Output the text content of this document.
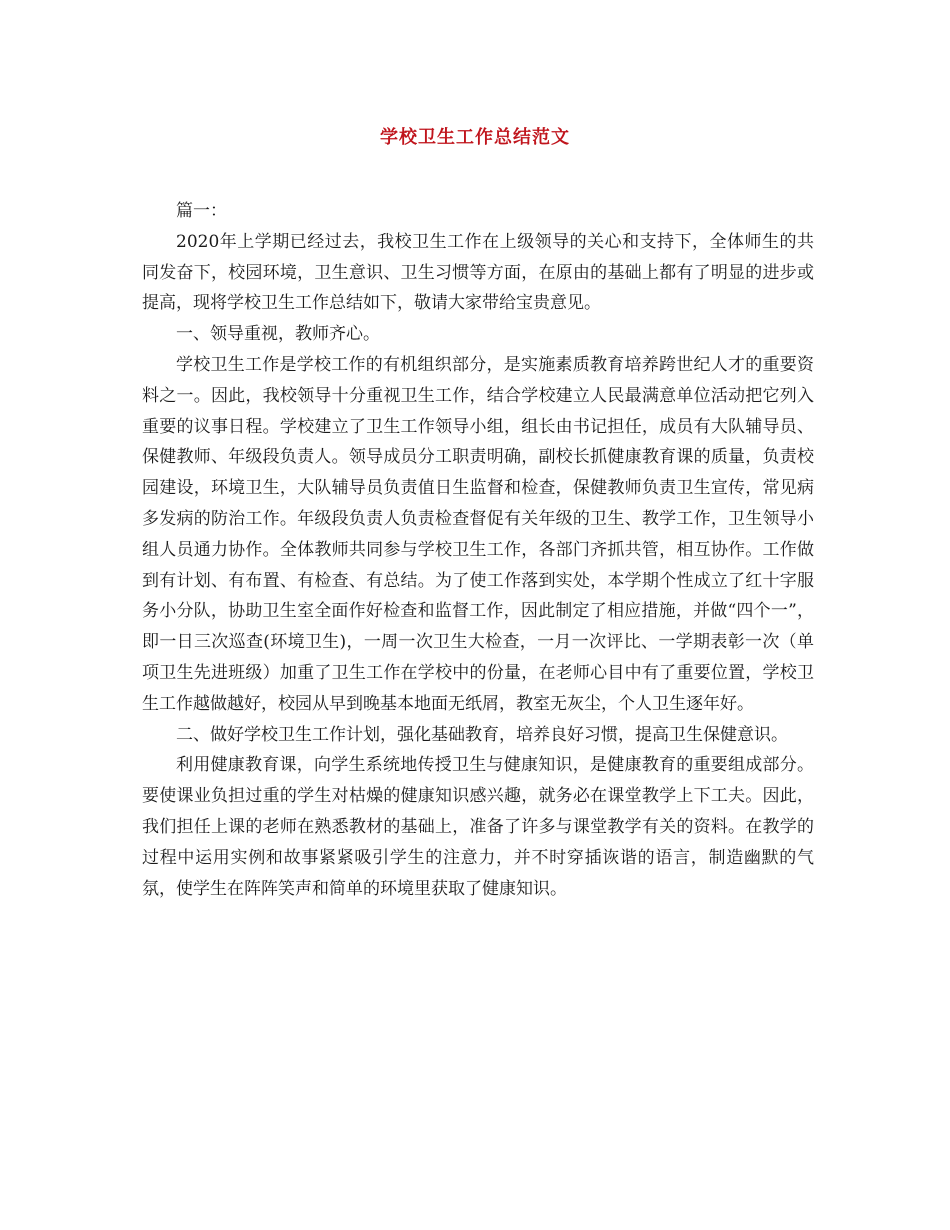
学校卫生工作总结范文

篇一：

2020年上学期已经过去，我校卫生工作在上级领导的关心和支持下，全体师生的共同发奋下，校园环境，卫生意识、卫生习惯等方面，在原由的基础上都有了明显的进步或提高，现将学校卫生工作总结如下，敬请大家带给宝贵意见。

一、领导重视，教师齐心。

学校卫生工作是学校工作的有机组织部分，是实施素质教育培养跨世纪人才的重要资料之一。因此，我校领导十分重视卫生工作，结合学校建立人民最满意单位活动把它列入重要的议事日程。学校建立了卫生工作领导小组，组长由书记担任，成员有大队辅导员、保健教师、年级段负责人。领导成员分工职责明确，副校长抓健康教育课的质量，负责校园建设，环境卫生，大队辅导员负责值日生监督和检查，保健教师负责卫生宣传，常见病多发病的防治工作。年级段负责人负责检查督促有关年级的卫生、教学工作，卫生领导小组人员通力协作。全体教师共同参与学校卫生工作，各部门齐抓共管，相互协作。工作做到有计划、有布置、有检查、有总结。为了使工作落到实处，本学期个性成立了红十字服务小分队，协助卫生室全面作好检查和监督工作，因此制定了相应措施，并做“四个一”，即一日三次巡查(环境卫生)，一周一次卫生大检查，一月一次评比、一学期表彰一次（单项卫生先进班级）加重了卫生工作在学校中的份量，在老师心目中有了重要位置，学校卫生工作越做越好，校园从早到晚基本地面无纸屑，教室无灰尘，个人卫生逐年好。

二、做好学校卫生工作计划，强化基础教育，培养良好习惯，提高卫生保健意识。

利用健康教育课，向学生系统地传授卫生与健康知识，是健康教育的重要组成部分。要使课业负担过重的学生对枯燥的健康知识感兴趣，就务必在课堂教学上下工夫。因此，我们担任上课的老师在熟悉教材的基础上，准备了许多与课堂教学有关的资料。在教学的过程中运用实例和故事紧紧吸引学生的注意力，并不时穿插诙谐的语言，制造幽默的气氛，使学生在阵阵笑声和简单的环境里获取了健康知识。
